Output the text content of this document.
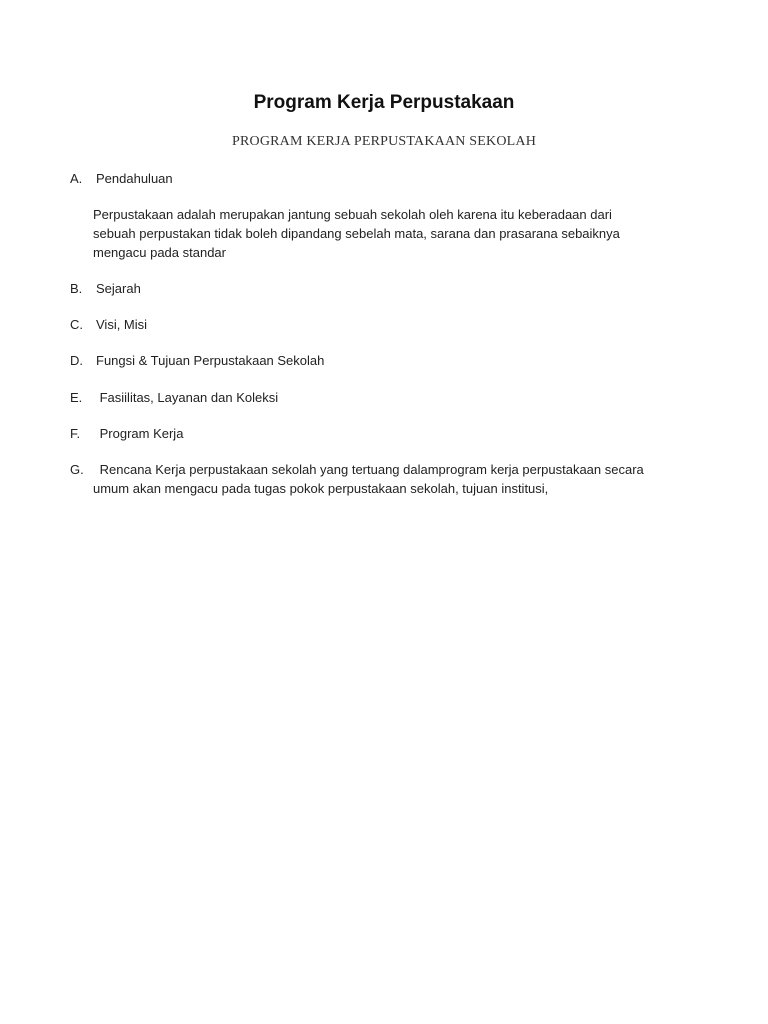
Program Kerja Perpustakaan

PROGRAM KERJA PERPUSTAKAAN SEKOLAH

A. Pendahuluan

Perpustakaan adalah merupakan jantung sebuah sekolah oleh karena itu keberadaan dari
sebuah perpustakan tidak boleh dipandang sebelah mata, sarana dan prasarana sebaiknya
mengacu pada standar

B. Sejarah
C. Visi, Misi
D. Fungsi & Tujuan Perpustakaan Sekolah
E. Fasiilitas, Layanan dan Koleksi
F. Program Kerja
G. Rencana Kerja perpustakaan sekolah yang tertuang dalamprogram kerja perpustakaan secara
umum akan mengacu pada tugas pokok perpustakaan sekolah, tujuan institusi,
